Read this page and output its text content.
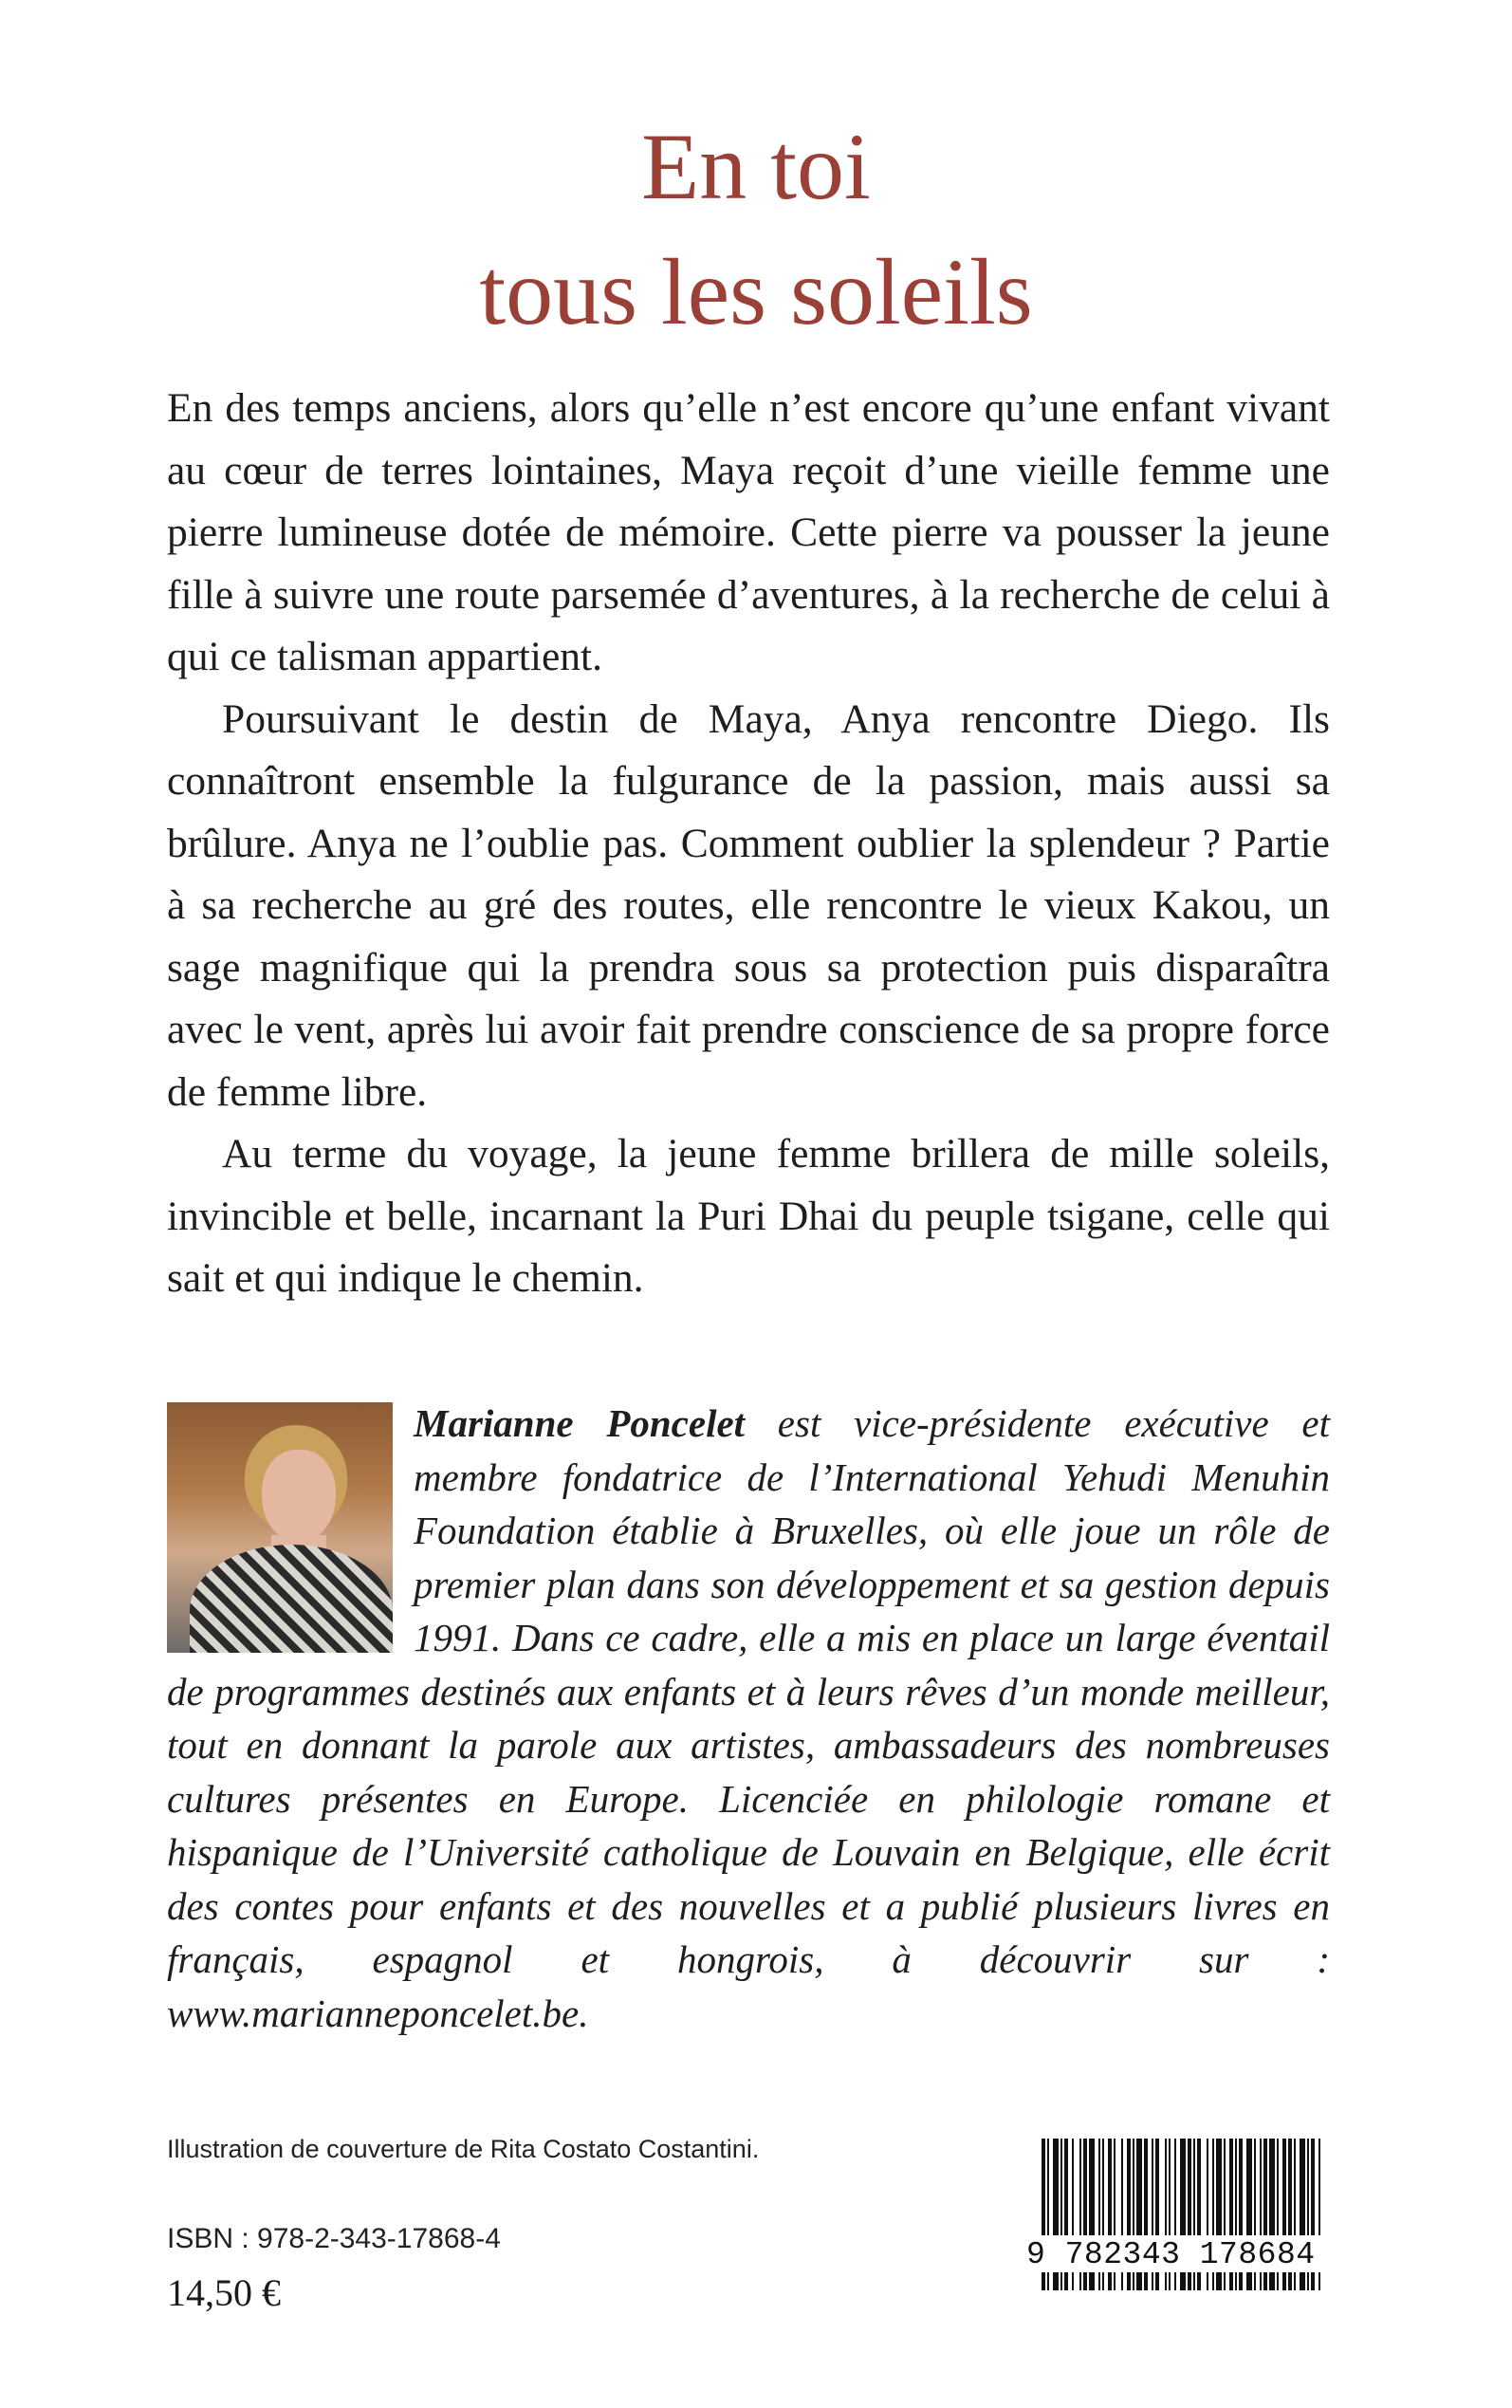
En toi
tous les soleils

En des temps anciens, alors qu’elle n’est encore qu’une enfant vivant au cœur de terres lointaines, Maya reçoit d’une vieille femme une pierre lumineuse dotée de mémoire. Cette pierre va pousser la jeune fille à suivre une route parsemée d’aventures, à la recherche de celui à qui ce talisman appartient.

Poursuivant le destin de Maya, Anya rencontre Diego. Ils connaîtront ensemble la fulgurance de la passion, mais aussi sa brûlure. Anya ne l’oublie pas. Comment oublier la splendeur ? Partie à sa recherche au gré des routes, elle rencontre le vieux Kakou, un sage magnifique qui la prendra sous sa protection puis disparaîtra avec le vent, après lui avoir fait prendre conscience de sa propre force de femme libre.

Au terme du voyage, la jeune femme brillera de mille soleils, invincible et belle, incarnant la Puri Dhai du peuple tsigane, celle qui sait et qui indique le chemin.

Marianne Poncelet est vice-présidente exécutive et membre fondatrice de l’International Yehudi Menuhin Foundation établie à Bruxelles, où elle joue un rôle de premier plan dans son développement et sa gestion depuis 1991. Dans ce cadre, elle a mis en place un large éventail de programmes destinés aux enfants et à leurs rêves d’un monde meilleur, tout en donnant la parole aux artistes, ambassadeurs des nombreuses cultures présentes en Europe. Licenciée en philologie romane et hispanique de l’Université catholique de Louvain en Belgique, elle écrit des contes pour enfants et des nouvelles et a publié plusieurs livres en français, espagnol et hongrois, à découvrir sur : www.marianneponcelet.be.
Illustration de couverture de Rita Costato Costantini.
ISBN : 978-2-343-17868-4
14,50 €
9 782343 178684
